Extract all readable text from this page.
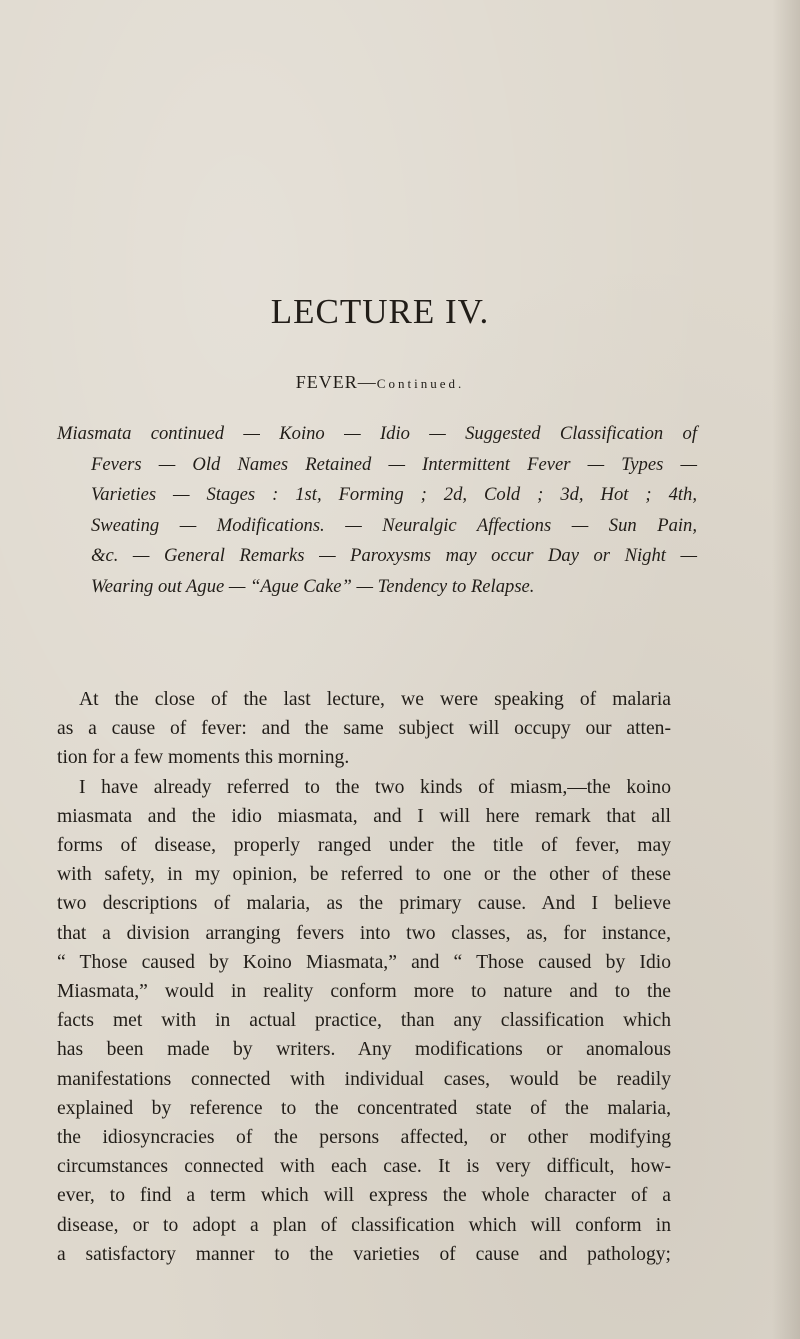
LECTURE IV.
FEVER—Continued.
Miasmata continued — Koino — Idio — Suggested Classification of
Fevers — Old Names Retained — Intermittent Fever — Types —
Varieties — Stages : 1st, Forming ; 2d, Cold ; 3d, Hot ; 4th,
Sweating — Modifications. — Neuralgic Affections — Sun Pain,
&c. — General Remarks — Paroxysms may occur Day or Night —
Wearing out Ague — “Ague Cake” — Tendency to Relapse.
At the close of the last lecture, we were speaking of malaria
as a cause of fever: and the same subject will occupy our atten-
tion for a few moments this morning.
I have already referred to the two kinds of miasm,—the koino
miasmata and the idio miasmata, and I will here remark that all
forms of disease, properly ranged under the title of fever, may
with safety, in my opinion, be referred to one or the other of these
two descriptions of malaria, as the primary cause. And I believe
that a division arranging fevers into two classes, as, for instance,
“ Those caused by Koino Miasmata,” and “ Those caused by Idio
Miasmata,” would in reality conform more to nature and to the
facts met with in actual practice, than any classification which
has been made by writers. Any modifications or anomalous
manifestations connected with individual cases, would be readily
explained by reference to the concentrated state of the malaria,
the idiosyncracies of the persons affected, or other modifying
circumstances connected with each case. It is very difficult, how-
ever, to find a term which will express the whole character of a
disease, or to adopt a plan of classification which will conform in
a satisfactory manner to the varieties of cause and pathology;
